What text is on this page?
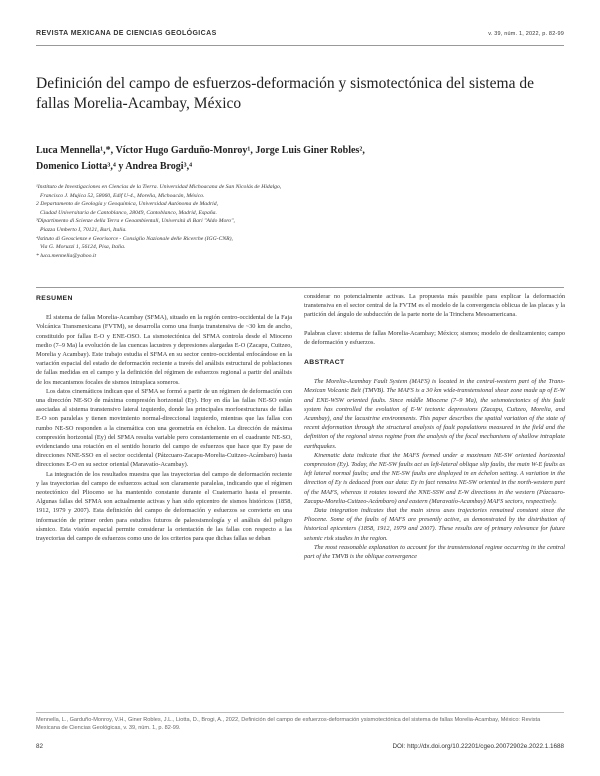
REVISTA MEXICANA DE CIENCIAS GEOLÓGICAS	v. 39, núm. 1, 2022, p. 82-99
Definición del campo de esfuerzos-deformación y sismotectónica del sistema de fallas Morelia-Acambay, México
Luca Mennella¹,*, Víctor Hugo Garduño-Monroy¹, Jorge Luis Giner Robles²,
Domenico Liotta³,⁴ y Andrea Brogi³,⁴
¹Instituto de Investigaciones en Ciencias de la Tierra. Universidad Michoacana de San Nicolás de Hidalgo,
Francisco J. Mujica 52, 58060, Edif U-4., Morelia, Michoacán, México.
2 Departamento de Geología y Geoquímica, Universidad Autónoma de Madrid,
Ciudad Universitaria de Cantoblanco, 28049, Cantoblanco, Madrid, España.
³Dipartimento di Scienze della Terra e Geoambientali, Università di Bari "Aldo Moro",
Piazza Umberto I, 70121, Bari, Italia.
⁴Istituto di Geoscienze e Georisorce - Consiglio Nazionale delle Ricerche (IGG-CNR),
Via G. Moruzzi 1, 56124, Pisa, Italia.
* luca.mennella@yahoo.it
RESUMEN

El sistema de fallas Morelia-Acambay (SFMA), situado en la región centro-occidental de la Faja Volcánica Transmexicana (FVTM), se desarrolla como una franja transtensiva de ~30 km de ancho, constituido por fallas E-O y ENE-OSO. La sismotectónica del SFMA controla desde el Mioceno medio (7–9 Ma) la evolución de las cuencas lacustres y depresiones alargadas E-O (Zacapu, Cuitzeo, Morelia y Acambay). Este trabajo estudia el SFMA en su sector centro-occidental enfocándose en la variación espacial del estado de deformación reciente a través del análisis estructural de poblaciones de fallas medidas en el campo y la definición del régimen de esfuerzos regional a partir del análisis de los mecanismos focales de sismos intraplaca someros.

Los datos cinemáticos indican que el SFMA se formó a partir de un régimen de deformación con una dirección NE-SO de máxima compresión horizontal (Ey). Hoy en día las fallas NE-SO están asociadas al sistema transtensivo lateral izquierdo, donde las principales morfoestructuras de fallas E-O son paralelas y tienen movimiento normal-direccional izquierdo, mientras que las fallas con rumbo NE-SO responden a la cinemática con una geometría en échelon. La dirección de máxima compresión horizontal (Ey) del SFMA resulta variable pero constantemente en el cuadrante NE-SO, evidenciando una rotación en el sentido horario del campo de esfuerzos que hace que Ey pase de direcciones NNE-SSO en el sector occidental (Pátzcuaro-Zacapu-Morelia-Cuitzeo-Acámbaro) hasta direcciones E-O en su sector oriental (Maravatío-Acambay).

La integración de los resultados muestra que las trayectorias del campo de deformación reciente y las trayectorias del campo de esfuerzos actual son claramente paralelas, indicando que el régimen neotectónico del Plioceno se ha mantenido constante durante el Cuaternario hasta el presente. Algunas fallas del SFMA son actualmente activas y han sido epicentro de sismos históricos (1858, 1912, 1979 y 2007). Esta definición del campo de deformación y esfuerzos se convierte en una información de primer orden para estudios futuros de paleosismología y el análisis del peligro sísmico. Esta visión espacial permite considerar la orientación de las fallas con respecto a las trayectorias del campo de esfuerzos como uno de los criterios para que dichas fallas se deban

considerar no potencialmente activas. La propuesta más pausible para explicar la deformación transtensiva en el sector central de la FVTM es el modelo de la convergencia oblicua de las placas y la partición del ángulo de subducción de la parte norte de la Trinchera Mesoamericana.

Palabras clave: sistema de fallas Morelia-Acambay; México; sismos; modelo de deslizamiento; campo de deformación y esfuerzos.

ABSTRACT

The Morelia-Acambay Fault System (MAFS) is located in the central-western part of the Trans-Mexican Volcanic Belt (TMVB). The MAFS is a 30 km wide-transtensional shear zone made up of E-W and ENE-WSW oriented faults. Since middle Miocene (7–9 Ma), the seismotectonics of this fault system has controlled the evolution of E-W tectonic depressions (Zacapu, Cuitzeo, Morelia, and Acambay), and the lacustrine environments. This paper describes the spatial variation of the state of recent deformation through the structural analysis of fault populations measured in the field and the definition of the regional stress regime from the analysis of the focal mechanisms of shallow intraplate earthquakes.

Kinematic data indicate that the MAFS formed under a maximum NE-SW oriented horizontal compression (Ey). Today, the NE-SW faults act as left-lateral oblique slip faults, the main W-E faults as left lateral normal faults; and the NE-SW faults are displayed in en échelon setting. A variation in the direction of Ey is deduced from our data: Ey in fact remains NE-SW oriented in the north-western part of the MAFS, whereas it rotates toward the NNE-SSW and E-W directions in the western (Pázcuaro-Zacapu-Morelia-Cuitzeo-Acámbaro) and eastern (Maravatío-Acambay) MAFS sectors, respectively.

Data integration indicates that the main stress axes trajectories remained constant since the Pliocene. Some of the faults of MAFS are presently active, as demonstrated by the distribution of historical epicenters (1858, 1912, 1979 and 2007). These results are of primary relevance for future seismic risk studies in the region.

The most reasonable explanation to account for the transtensional regime occurring in the central part of the TMVB is the oblique convergence

Mennella, L., Garduño-Monroy, V.H., Giner Robles, J.L., Liotta, D., Brogi, A., 2022, Definición del campo de esfuerzos-deformación ysismotectónica del sistema de fallas Morelia-Acambay, México: Revista Mexicana de Ciencias Geológicas, v. 39, núm. 1, p. 82-99.
82	DOI: http://dx.doi.org/10.22201/cgeo.20072902e.2022.1.1688
